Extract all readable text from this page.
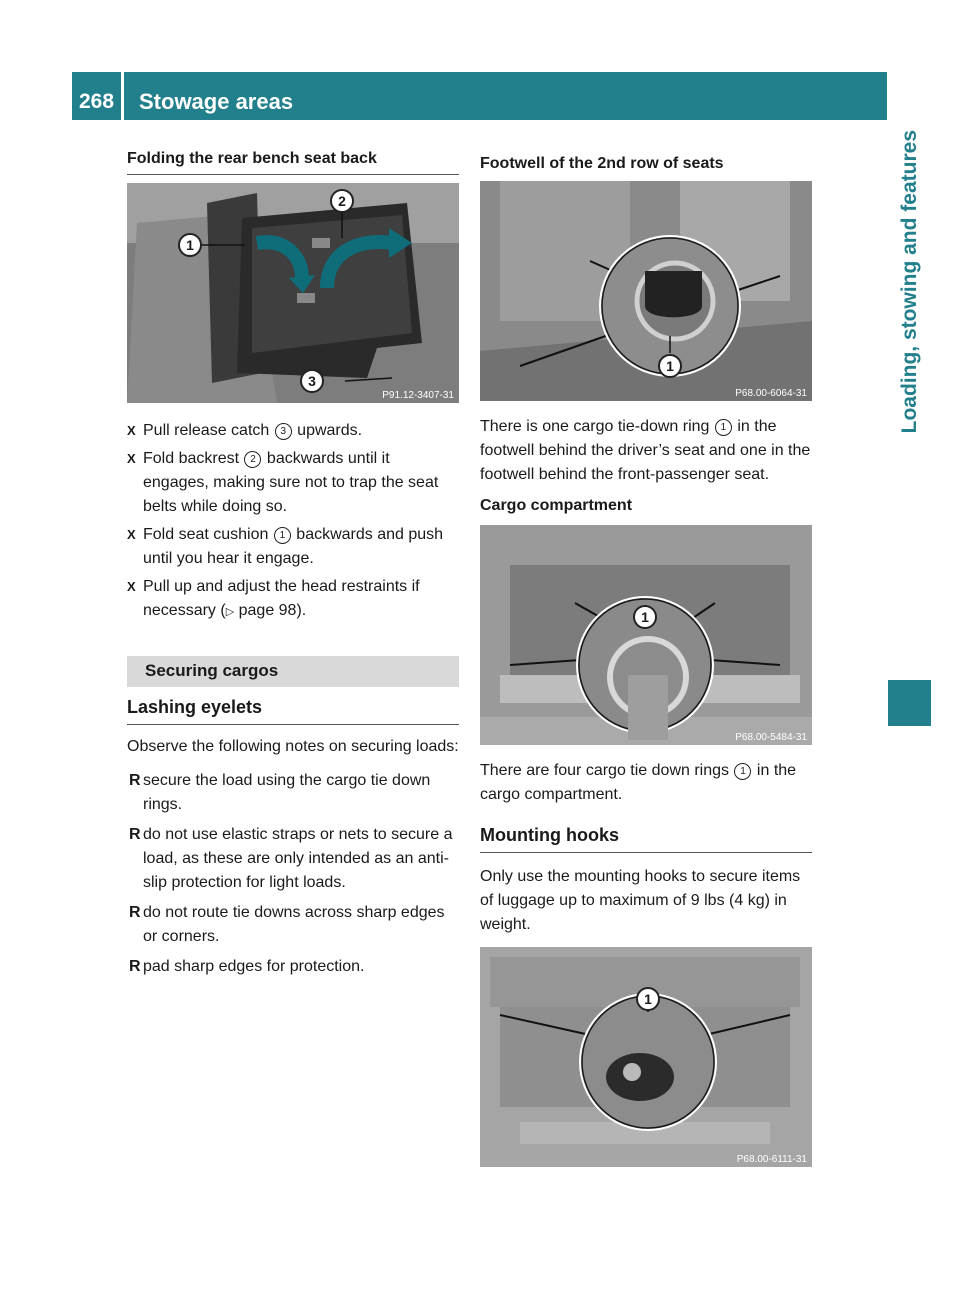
268	Stowage areas
Loading, stowing and features
Folding the rear bench seat back
1
2
3
P91.12-3407-31
X Pull release catch 3 upwards.
X Fold backrest 2 backwards until it engages, making sure not to trap the seat belts while doing so.
X Fold seat cushion 1 backwards and push until you hear it engage.
X Pull up and adjust the head restraints if necessary (▷ page 98).
Securing cargos
Lashing eyelets

Observe the following notes on securing loads:

R secure the load using the cargo tie down rings.
R do not use elastic straps or nets to secure a load, as these are only intended as an anti-slip protection for light loads.
R do not route tie downs across sharp edges or corners.
R pad sharp edges for protection.
Footwell of the 2nd row of seats
1
P68.00-6064-31

There is one cargo tie-down ring 1 in the footwell behind the driver’s seat and one in the footwell behind the front-passenger seat.

Cargo compartment
1
P68.00-5484-31

There are four cargo tie down rings 1 in the cargo compartment.

Mounting hooks

Only use the mounting hooks to secure items of luggage up to maximum of 9 lbs (4 kg) in weight.

1
P68.00-6111-31
